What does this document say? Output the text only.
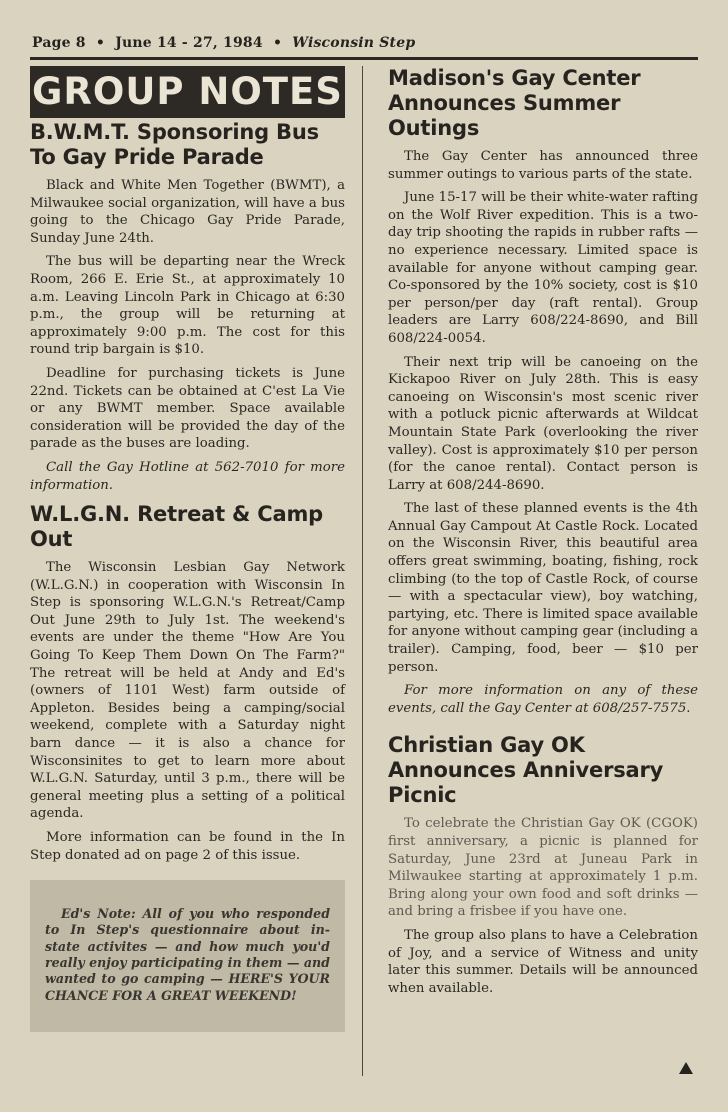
Page 8 • June 14 - 27, 1984 • Wisconsin Step
GROUP NOTES
B.W.M.T. Sponsoring Bus To Gay Pride Parade

Black and White Men Together (BWMT), a Milwaukee social organization, will have a bus going to the Chicago Gay Pride Parade, Sunday June 24th.

The bus will be departing near the Wreck Room, 266 E. Erie St., at approximately 10 a.m. Leaving Lincoln Park in Chicago at 6:30 p.m., the group will be returning at approximately 9:00 p.m. The cost for this round trip bargain is $10.

Deadline for purchasing tickets is June 22nd. Tickets can be obtained at C'est La Vie or any BWMT member. Space available consideration will be provided the day of the parade as the buses are loading.

Call the Gay Hotline at 562-7010 for more information.

W.L.G.N. Retreat & Camp Out

The Wisconsin Lesbian Gay Network (W.L.G.N.) in cooperation with Wisconsin In Step is sponsoring W.L.G.N.'s Retreat/Camp Out June 29th to July 1st. The weekend's events are under the theme "How Are You Going To Keep Them Down On The Farm?" The retreat will be held at Andy and Ed's (owners of 1101 West) farm outside of Appleton. Besides being a camping/social weekend, complete with a Saturday night barn dance — it is also a chance for Wisconsinites to get to learn more about W.L.G.N. Saturday, until 3 p.m., there will be general meeting plus a setting of a political agenda.

More information can be found in the In Step donated ad on page 2 of this issue.

Ed's Note: All of you who responded to In Step's questionnaire about in-state activites — and how much you'd really enjoy participating in them — and wanted to go camping — HERE'S YOUR CHANCE FOR A GREAT WEEKEND!

Madison's Gay Center Announces Summer Outings

The Gay Center has announced three summer outings to various parts of the state.

June 15-17 will be their white-water rafting on the Wolf River expedition. This is a two-day trip shooting the rapids in rubber rafts — no experience necessary. Limited space is available for anyone without camping gear. Co-sponsored by the 10% society, cost is $10 per person/per day (raft rental). Group leaders are Larry 608/224-8690, and Bill 608/224-0054.

Their next trip will be canoeing on the Kickapoo River on July 28th. This is easy canoeing on Wisconsin's most scenic river with a potluck picnic afterwards at Wildcat Mountain State Park (overlooking the river valley). Cost is approximately $10 per person (for the canoe rental). Contact person is Larry at 608/244-8690.

The last of these planned events is the 4th Annual Gay Campout At Castle Rock. Located on the Wisconsin River, this beautiful area offers great swimming, boating, fishing, rock climbing (to the top of Castle Rock, of course — with a spectacular view), boy watching, partying, etc. There is limited space available for anyone without camping gear (including a trailer). Camping, food, beer — $10 per person.

For more information on any of these events, call the Gay Center at 608/257-7575.

Christian Gay OK Announces Anniversary Picnic

To celebrate the Christian Gay OK (CGOK) first anniversary, a picnic is planned for Saturday, June 23rd at Juneau Park in Milwaukee starting at approximately 1 p.m. Bring along your own food and soft drinks — and bring a frisbee if you have one.

The group also plans to have a Celebration of Joy, and a service of Witness and unity later this summer. Details will be announced when available.
